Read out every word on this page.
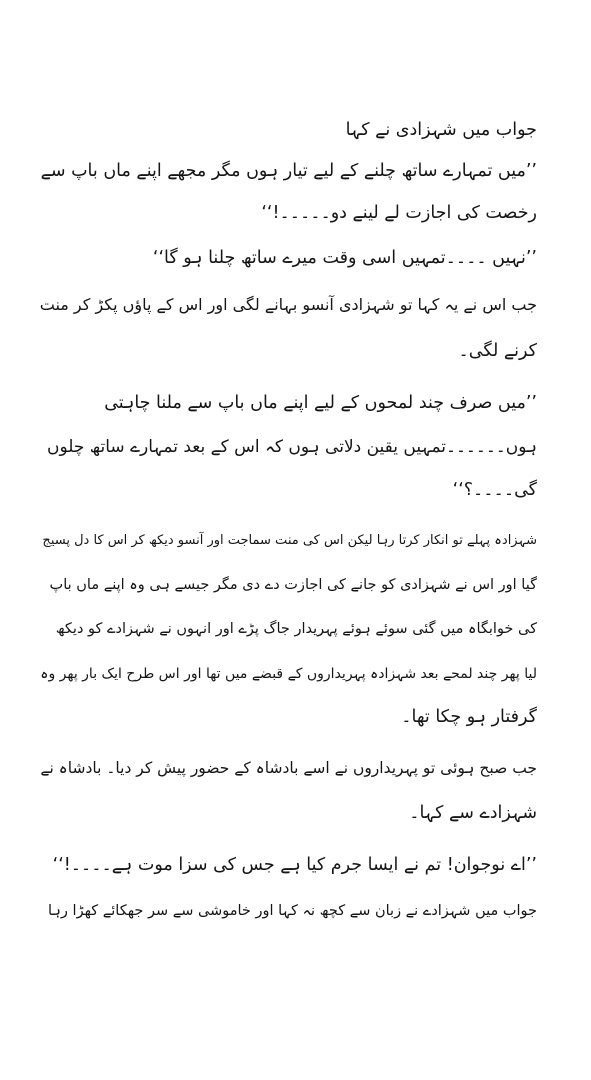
جواب میں شہزادی نے کہا
’’میں تمہارے ساتھ چلنے کے لیے تیار ہوں مگر مجھے اپنے ماں باپ سے
رخصت کی اجازت لے لینے دو۔۔۔۔۔!‘‘
’’نہیں ۔۔۔۔تمہیں اسی وقت میرے ساتھ چلنا ہو گا‘‘
جب اس نے یہ کہا تو شہزادی آنسو بہانے لگی اور اس کے پاؤں پکڑ کر منت
کرنے لگی۔
’’میں صرف چند لمحوں کے لیے اپنے ماں باپ سے ملنا چاہتی
ہوں۔۔۔۔۔۔تمہیں یقین دلاتی ہوں کہ اس کے بعد تمہارے ساتھ چلوں
گی۔۔۔۔؟‘‘
شہزادہ پہلے تو انکار کرتا رہا لیکن اس کی منت سماجت اور آنسو دیکھ کر اس کا دل پسیج
گیا اور اس نے شہزادی کو جانے کی اجازت دے دی مگر جیسے ہی وہ اپنے ماں باپ
کی خوابگاہ میں گئی سوئے ہوئے پہریدار جاگ پڑے اور انہوں نے شہزادے کو دیکھ
لیا پھر چند لمحے بعد شہزادہ پہریداروں کے قبضے میں تھا اور اس طرح ایک بار پھر وہ
گرفتار ہو چکا تھا۔
جب صبح ہوئی تو پہریداروں نے اسے بادشاہ کے حضور پیش کر دیا۔ بادشاہ نے
شہزادے سے کہا۔
’’اے نوجوان! تم نے ایسا جرم کیا ہے جس کی سزا موت ہے۔۔۔۔!‘‘
جواب میں شہزادے نے زبان سے کچھ نہ کہا اور خاموشی سے سر جھکائے کھڑا رہا
